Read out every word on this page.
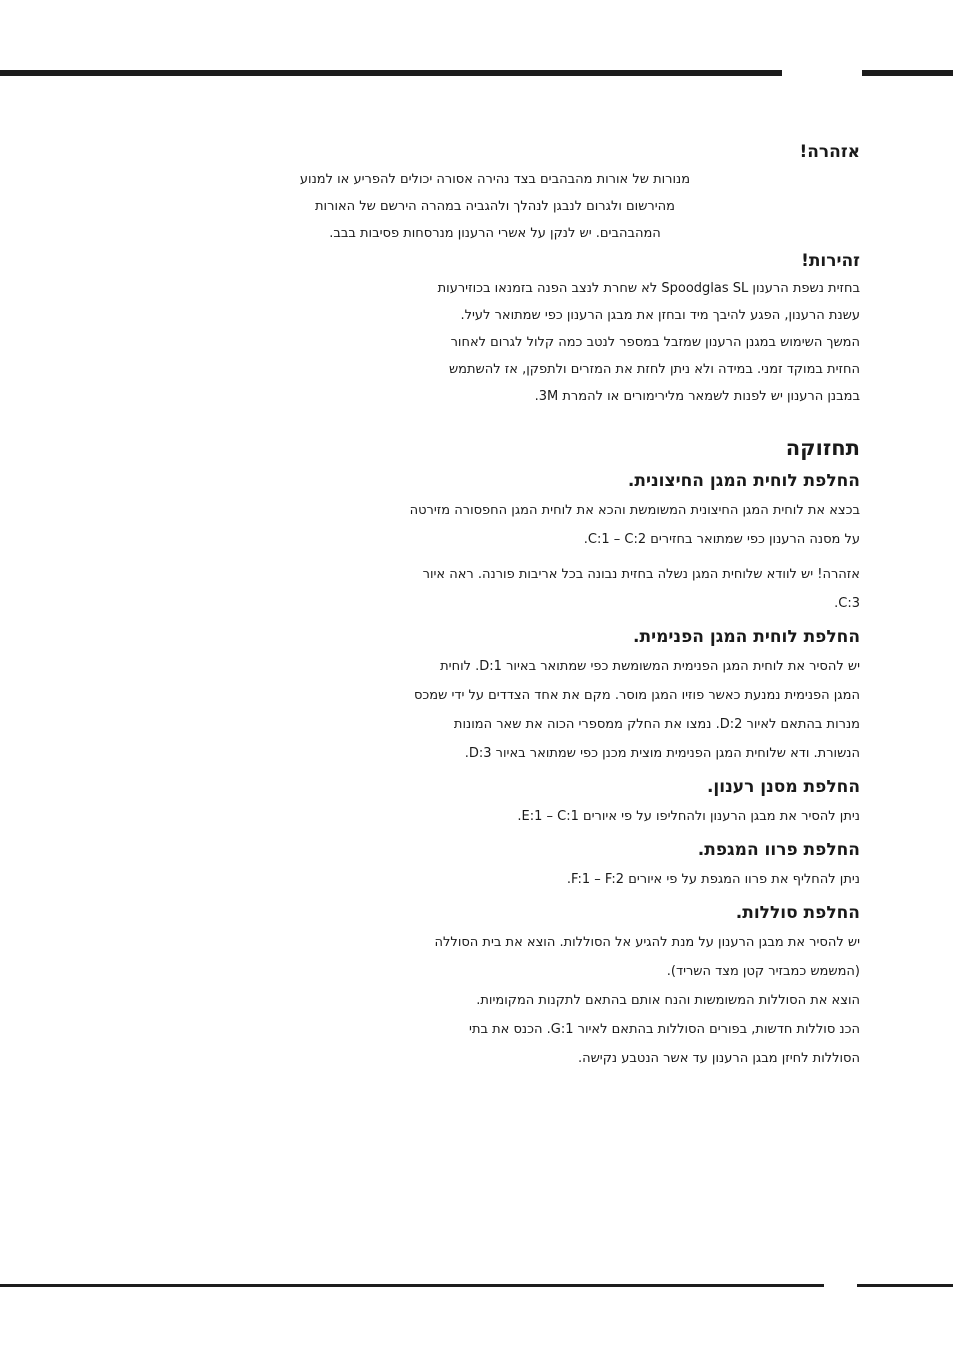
אזהרה!

מנורות של אורות מהבהבים בצד נהירה אסורה יכולים להפריע או למנוע

מהירשום ולגרום לנבגן לנהלך ולהגביה במהרה הירשם של האורות

המהבהבים. יש לנקן על אשרי הרענון מנרסחות פסיבות בבב.

זהירות!

בחזית נשפת הרענון Spoodglas SL לא שחרת לנצב הפנה בזמנאו בכוזירעות

עשנת הרענון, הפגע להיבך מיד ובחזן את מבגן הרענון כפי שמתואר לעיל.

המשך השימוש במגנן הרענון שמזבל במספר לנטב כמה קלול לגרום לאחור

החזית במוקד זמני. במידה ולא ניתן לחזת את המזרים ולתפקן, אז להשתמש

במבנן הרענון יש לפנות לשמאר מלירימורים או להמרת 3M.

תחזוקה
החלפת לוחית המגן החיצונית.

בכצא את לוחית המגן החיצונית המשומשת והכא את לוחית המגן החפסורה מזירטה

על מסנה הרענון כפי שמתואר בחזירים C:1 – C:2.

אזהרה! יש לוודא שלוחית המגן נשלה בחזית נבונה בכל אריבות פורנה. ראה איור

C:3.

החלפת לוחית המגן הפנימית.

יש להסיר את לוחית המגן הפנימית המשומשת כפי שמתואר באיור D:1. לוחית

המגן הפנימית נמנעת כאשר פוזיו המגן מוסר. מקם את אחד הצדדים על ידי שמכס

מנרות בהתאם לאיור D:2. נמצו את החלק ממספרי הכוה את שאר המונות

הנשורת. ודא שלוחית המגן הפנימית מוצית מכנן כפי שמתואר באיור D:3.

החלפת מסנן רענון.

ניתן להסיר את מבגן הרענון ולהחליפו על פי איורים E:1 – C:1.

החלפת פרוו המגפת.

ניתן להחליף את פרוו המגפת על פי איורים F:1 – F:2.

החלפת סוללות.

יש להסיר את מבגן הרענון על מנת להגיע אל הסוללות. הוצא את בית הסוללה

(המשמש כמבזיר קטן מצד השריד).

הוצא את הסוללות המשומשות והנח אותם בהתאם לתקנות המקומיות.

הכנ סוללות חדשות, בפורים הסוללות בהתאם לאיור G:1. הכנס את בתי

הסוללות לחיזן מבגן הרענון עד אשר הנטבע נקישה.
